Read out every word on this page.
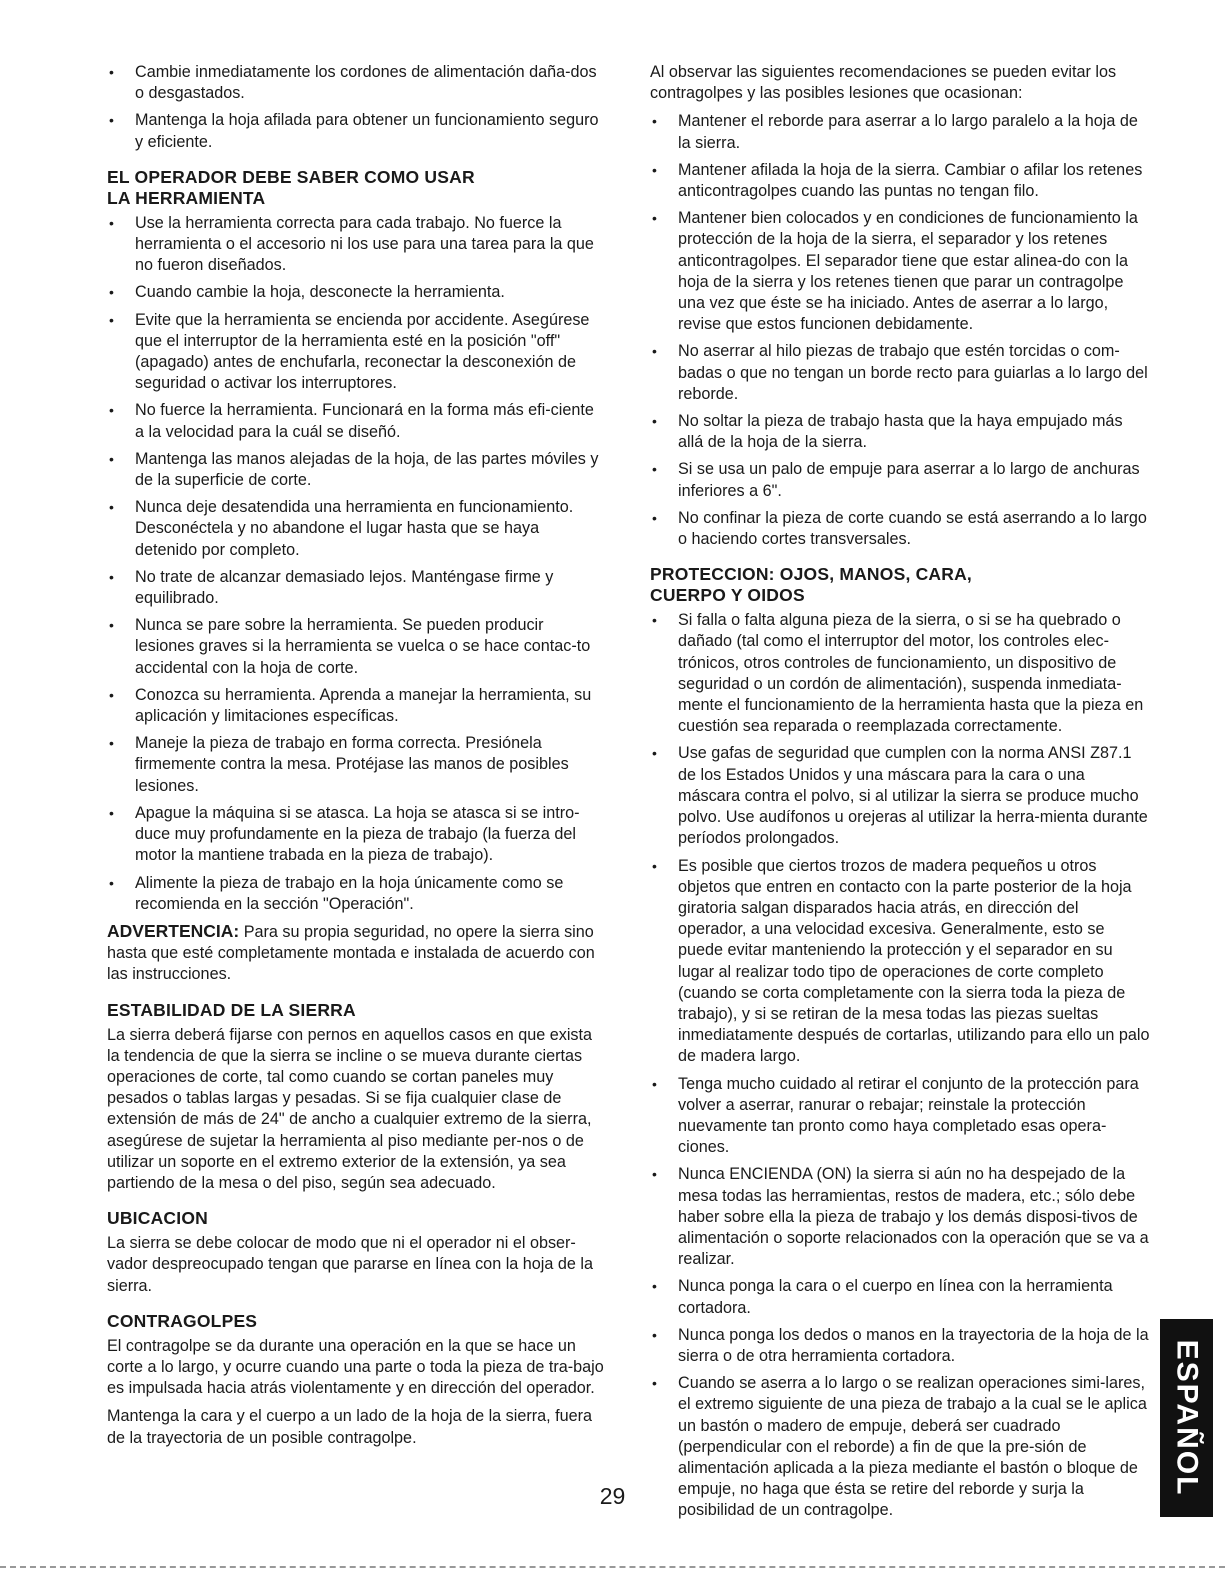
• Cambie inmediatamente los cordones de alimentación daña-dos o desgastados.
• Mantenga la hoja afilada para obtener un funcionamiento seguro y eficiente.
EL OPERADOR DEBE SABER COMO USAR
LA HERRAMIENTA
• Use la herramienta correcta para cada trabajo. No fuerce la herramienta o el accesorio ni los use para una tarea para la que no fueron diseñados.
• Cuando cambie la hoja, desconecte la herramienta.
• Evite que la herramienta se encienda por accidente. Asegúrese que el interruptor de la herramienta esté en la posición "off" (apagado) antes de enchufarla, reconectar la desconexión de seguridad o activar los interruptores.
• No fuerce la herramienta. Funcionará en la forma más efi-ciente a la velocidad para la cuál se diseñó.
• Mantenga las manos alejadas de la hoja, de las partes móviles y de la superficie de corte.
• Nunca deje desatendida una herramienta en funcionamiento. Desconéctela y no abandone el lugar hasta que se haya detenido por completo.
• No trate de alcanzar demasiado lejos. Manténgase firme y equilibrado.
• Nunca se pare sobre la herramienta. Se pueden producir lesiones graves si la herramienta se vuelca o se hace contac-to accidental con la hoja de corte.
• Conozca su herramienta. Aprenda a manejar la herramienta, su aplicación y limitaciones específicas.
• Maneje la pieza de trabajo en forma correcta. Presiónela firmemente contra la mesa. Protéjase las manos de posibles lesiones.
• Apague la máquina si se atasca. La hoja se atasca si se intro-duce muy profundamente en la pieza de trabajo (la fuerza del motor la mantiene trabada en la pieza de trabajo).
• Alimente la pieza de trabajo en la hoja únicamente como se recomienda en la sección "Operación".

ADVERTENCIA: Para su propia seguridad, no opere la sierra sino hasta que esté completamente montada e instalada de acuerdo con las instrucciones.

ESTABILIDAD DE LA SIERRA

La sierra deberá fijarse con pernos en aquellos casos en que exista la tendencia de que la sierra se incline o se mueva durante ciertas operaciones de corte, tal como cuando se cortan paneles muy pesados o tablas largas y pesadas. Si se fija cualquier clase de extensión de más de 24" de ancho a cualquier extremo de la sierra, asegúrese de sujetar la herramienta al piso mediante per-nos o de utilizar un soporte en el extremo exterior de la extensión, ya sea partiendo de la mesa o del piso, según sea adecuado.

UBICACION

La sierra se debe colocar de modo que ni el operador ni el obser-vador despreocupado tengan que pararse en línea con la hoja de la sierra.

CONTRAGOLPES

El contragolpe se da durante una operación en la que se hace un corte a lo largo, y ocurre cuando una parte o toda la pieza de tra-bajo es impulsada hacia atrás violentamente y en dirección del operador.

Mantenga la cara y el cuerpo a un lado de la hoja de la sierra, fuera de la trayectoria de un posible contragolpe.

Al observar las siguientes recomendaciones se pueden evitar los contragolpes y las posibles lesiones que ocasionan:

• Mantener el reborde para aserrar a lo largo paralelo a la hoja de la sierra.
• Mantener afilada la hoja de la sierra. Cambiar o afilar los retenes anticontragolpes cuando las puntas no tengan filo.
• Mantener bien colocados y en condiciones de funcionamiento la protección de la hoja de la sierra, el separador y los retenes anticontragolpes. El separador tiene que estar alinea-do con la hoja de la sierra y los retenes tienen que parar un contragolpe una vez que éste se ha iniciado. Antes de aserrar a lo largo, revise que estos funcionen debidamente.
• No aserrar al hilo piezas de trabajo que estén torcidas o com-badas o que no tengan un borde recto para guiarlas a lo largo del reborde.
• No soltar la pieza de trabajo hasta que la haya empujado más allá de la hoja de la sierra.
• Si se usa un palo de empuje para aserrar a lo largo de anchuras inferiores a 6".
• No confinar la pieza de corte cuando se está aserrando a lo largo o haciendo cortes transversales.
PROTECCION: OJOS, MANOS, CARA,
CUERPO Y OIDOS
• Si falla o falta alguna pieza de la sierra, o si se ha quebrado o dañado (tal como el interruptor del motor, los controles elec-trónicos, otros controles de funcionamiento, un dispositivo de seguridad o un cordón de alimentación), suspenda inmediata-mente el funcionamiento de la herramienta hasta que la pieza en cuestión sea reparada o reemplazada correctamente.
• Use gafas de seguridad que cumplen con la norma ANSI Z87.1 de los Estados Unidos y una máscara para la cara o una máscara contra el polvo, si al utilizar la sierra se produce mucho polvo. Use audífonos u orejeras al utilizar la herra-mienta durante períodos prolongados.
• Es posible que ciertos trozos de madera pequeños u otros objetos que entren en contacto con la parte posterior de la hoja giratoria salgan disparados hacia atrás, en dirección del operador, a una velocidad excesiva. Generalmente, esto se puede evitar manteniendo la protección y el separador en su lugar al realizar todo tipo de operaciones de corte completo (cuando se corta completamente con la sierra toda la pieza de trabajo), y si se retiran de la mesa todas las piezas sueltas inmediatamente después de cortarlas, utilizando para ello un palo de madera largo.
• Tenga mucho cuidado al retirar el conjunto de la protección para volver a aserrar, ranurar o rebajar; reinstale la protección nuevamente tan pronto como haya completado esas opera-ciones.
• Nunca ENCIENDA (ON) la sierra si aún no ha despejado de la mesa todas las herramientas, restos de madera, etc.; sólo debe haber sobre ella la pieza de trabajo y los demás disposi-tivos de alimentación o soporte relacionados con la operación que se va a realizar.
• Nunca ponga la cara o el cuerpo en línea con la herramienta cortadora.
• Nunca ponga los dedos o manos en la trayectoria de la hoja de la sierra o de otra herramienta cortadora.
• Cuando se aserra a lo largo o se realizan operaciones simi-lares, el extremo siguiente de una pieza de trabajo a la cual se le aplica un bastón o madero de empuje, deberá ser cuadrado (perpendicular con el reborde) a fin de que la pre-sión de alimentación aplicada a la pieza mediante el bastón o bloque de empuje, no haga que ésta se retire del reborde y surja la posibilidad de un contragolpe.
29	ESPAÑOL
